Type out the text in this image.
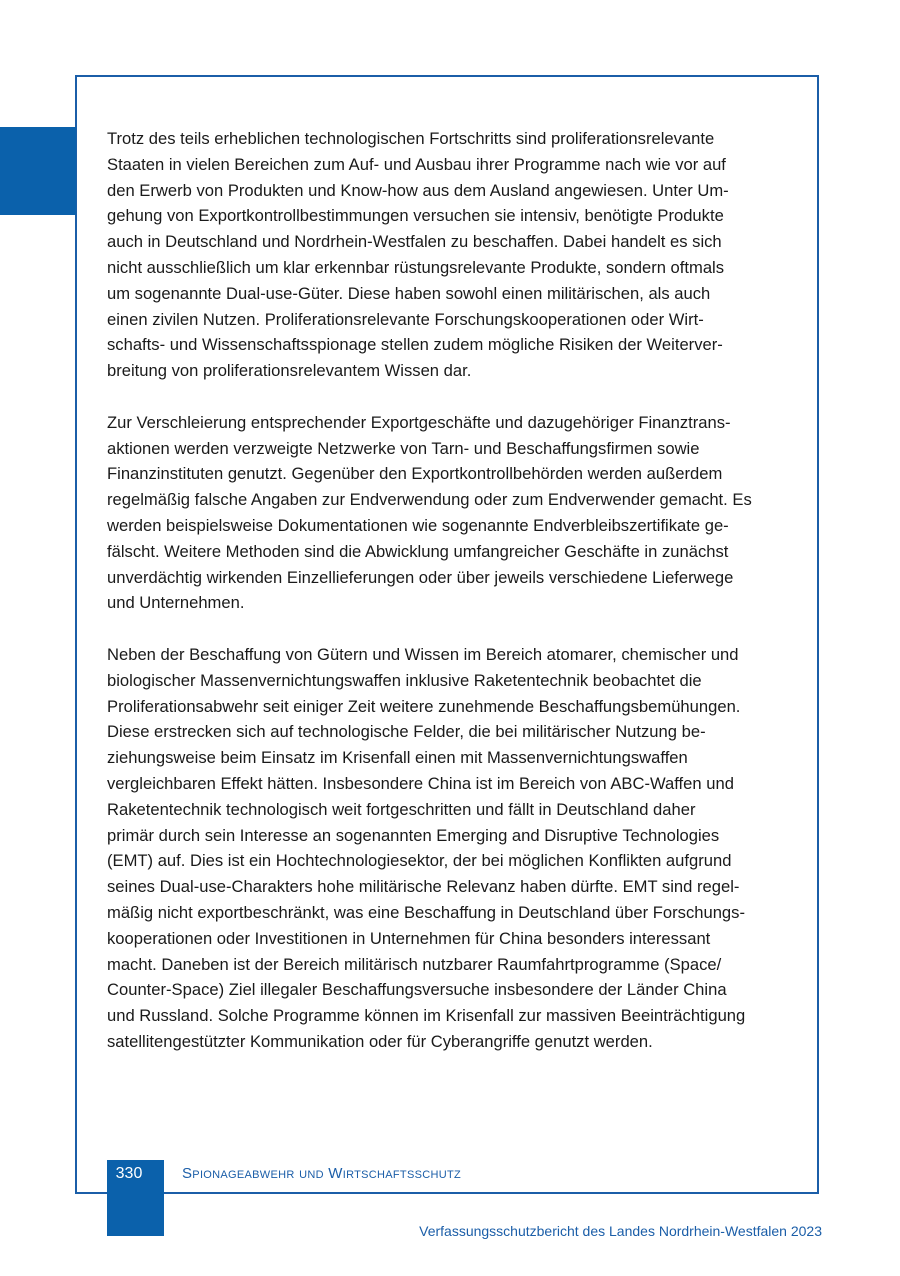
Trotz des teils erheblichen technologischen Fortschritts sind proliferationsrelevante
Staaten in vielen Bereichen zum Auf- und Ausbau ihrer Programme nach wie vor auf
den Erwerb von Produkten und Know-how aus dem Ausland angewiesen. Unter Um-
gehung von Exportkontrollbestimmungen versuchen sie intensiv, benötigte Produkte
auch in Deutschland und Nordrhein-Westfalen zu beschaffen. Dabei handelt es sich
nicht ausschließlich um klar erkennbar rüstungsrelevante Produkte, sondern oftmals
um sogenannte Dual-use-Güter. Diese haben sowohl einen militärischen, als auch
einen zivilen Nutzen. Proliferationsrelevante Forschungskooperationen oder Wirt-
schafts- und Wissenschaftsspionage stellen zudem mögliche Risiken der Weiterver-
breitung von proliferationsrelevantem Wissen dar.

Zur Verschleierung entsprechender Exportgeschäfte und dazugehöriger Finanztrans-
aktionen werden verzweigte Netzwerke von Tarn- und Beschaffungsfirmen sowie
Finanzinstituten genutzt. Gegenüber den Exportkontrollbehörden werden außerdem
regelmäßig falsche Angaben zur Endverwendung oder zum Endverwender gemacht. Es
werden beispielsweise Dokumentationen wie sogenannte Endverbleibszertifikate ge-
fälscht. Weitere Methoden sind die Abwicklung umfangreicher Geschäfte in zunächst
unverdächtig wirkenden Einzellieferungen oder über jeweils verschiedene Lieferwege
und Unternehmen.

Neben der Beschaffung von Gütern und Wissen im Bereich atomarer, chemischer und
biologischer Massenvernichtungswaffen inklusive Raketentechnik beobachtet die
Proliferationsabwehr seit einiger Zeit weitere zunehmende Beschaffungsbemühungen.
Diese erstrecken sich auf technologische Felder, die bei militärischer Nutzung be-
ziehungsweise beim Einsatz im Krisenfall einen mit Massenvernichtungswaffen
vergleichbaren Effekt hätten. Insbesondere China ist im Bereich von ABC-Waffen und
Raketentechnik technologisch weit fortgeschritten und fällt in Deutschland daher
primär durch sein Interesse an sogenannten Emerging and Disruptive Technologies
(EMT) auf. Dies ist ein Hochtechnologiesektor, der bei möglichen Konflikten aufgrund
seines Dual-use-Charakters hohe militärische Relevanz haben dürfte. EMT sind regel-
mäßig nicht exportbeschränkt, was eine Beschaffung in Deutschland über Forschungs-
kooperationen oder Investitionen in Unternehmen für China besonders interessant
macht. Daneben ist der Bereich militärisch nutzbarer Raumfahrtprogramme (Space/
Counter-Space) Ziel illegaler Beschaffungsversuche insbesondere der Länder China
und Russland. Solche Programme können im Krisenfall zur massiven Beeinträchtigung
satellitengestützter Kommunikation oder für Cyberangriffe genutzt werden.

330	Spionageabwehr und Wirtschaftsschutz
Verfassungsschutzbericht des Landes Nordrhein-Westfalen 2023
